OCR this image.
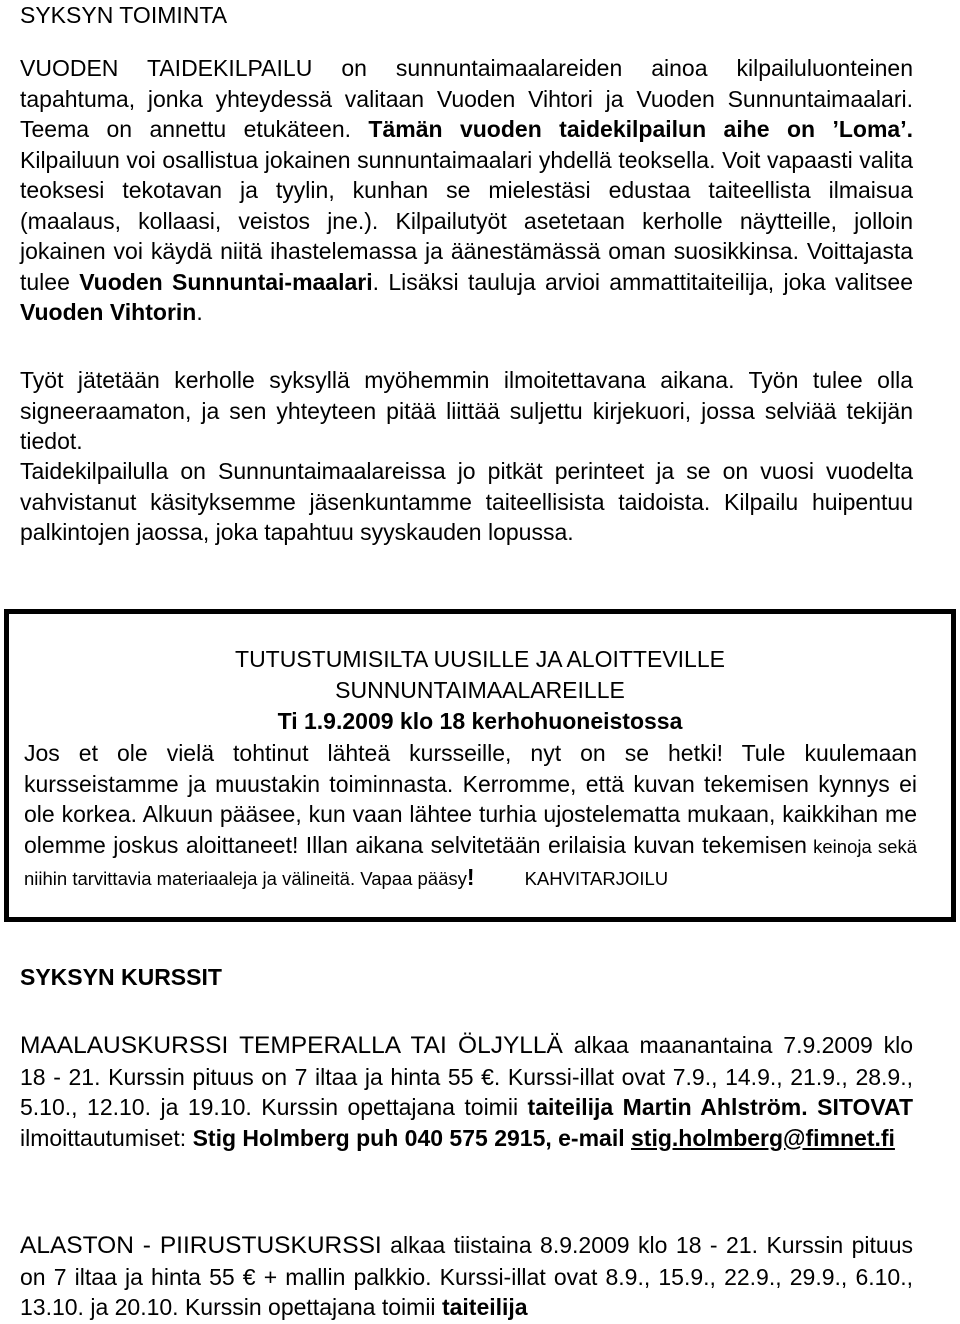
SYKSYN TOIMINTA

VUODEN TAIDEKILPAILU on sunnuntaimaalareiden ainoa kilpailuluonteinen tapahtuma, jonka yhteydessä valitaan Vuoden Vihtori ja Vuoden Sunnuntaimaalari. Teema on annettu etukäteen. Tämän vuoden taidekilpailun aihe on ’Loma’. Kilpailuun voi osallistua jokainen sunnuntaimaalari yhdellä teoksella. Voit vapaasti valita teoksesi tekotavan ja tyylin, kunhan se mielestäsi edustaa taiteellista ilmaisua (maalaus, kollaasi, veistos jne.). Kilpailutyöt asetetaan kerholle näytteille, jolloin jokainen voi käydä niitä ihastelemassa ja äänestämässä oman suosikkinsa. Voittajasta tulee Vuoden Sunnuntai-maalari. Lisäksi tauluja arvioi ammattitaiteilija, joka valitsee Vuoden Vihtorin.

Työt jätetään kerholle syksyllä myöhemmin ilmoitettavana aikana. Työn tulee olla signeeraamaton, ja sen yhteyteen pitää liittää suljettu kirjekuori, jossa selviää tekijän tiedot.

Taidekilpailulla on Sunnuntaimaalareissa jo pitkät perinteet ja se on vuosi vuodelta vahvistanut käsityksemme jäsenkuntamme taiteellisista taidoista. Kilpailu huipentuu palkintojen jaossa, joka tapahtuu syyskauden lopussa.

TUTUSTUMISILTA UUSILLE JA ALOITTEVILLE

SUNNUNTAIMAALAREILLE

Ti 1.9.2009 klo 18 kerhohuoneistossa

Jos et ole vielä tohtinut lähteä kursseille, nyt on se hetki! Tule kuulemaan kursseistamme ja muustakin toiminnasta. Kerromme, että kuvan tekemisen kynnys ei ole korkea. Alkuun pääsee, kun vaan lähtee turhia ujostelematta mukaan, kaikkihan me olemme joskus aloittaneet! Illan aikana selvitetään erilaisia kuvan tekemisen keinoja sekä niihin tarvittavia materiaaleja ja välineitä. Vapaa pääsy!	KAHVITARJOILU

SYKSYN KURSSIT

MAALAUSKURSSI TEMPERALLA TAI ÖLJYLLÄ alkaa maanantaina 7.9.2009 klo 18 - 21. Kurssin pituus on 7 iltaa ja hinta 55 €. Kurssi-illat ovat 7.9., 14.9., 21.9., 28.9., 5.10., 12.10. ja 19.10. Kurssin opettajana toimii taiteilija Martin Ahlström. SITOVAT ilmoittautumiset: Stig Holmberg puh 040 575 2915, e-mail stig.holmberg@fimnet.fi

ALASTON - PIIRUSTUSKURSSI alkaa tiistaina 8.9.2009 klo 18 - 21. Kurssin pituus on 7 iltaa ja hinta 55 € + mallin palkkio. Kurssi-illat ovat 8.9., 15.9., 22.9., 29.9., 6.10., 13.10. ja 20.10. Kurssin opettajana toimii taiteilija
